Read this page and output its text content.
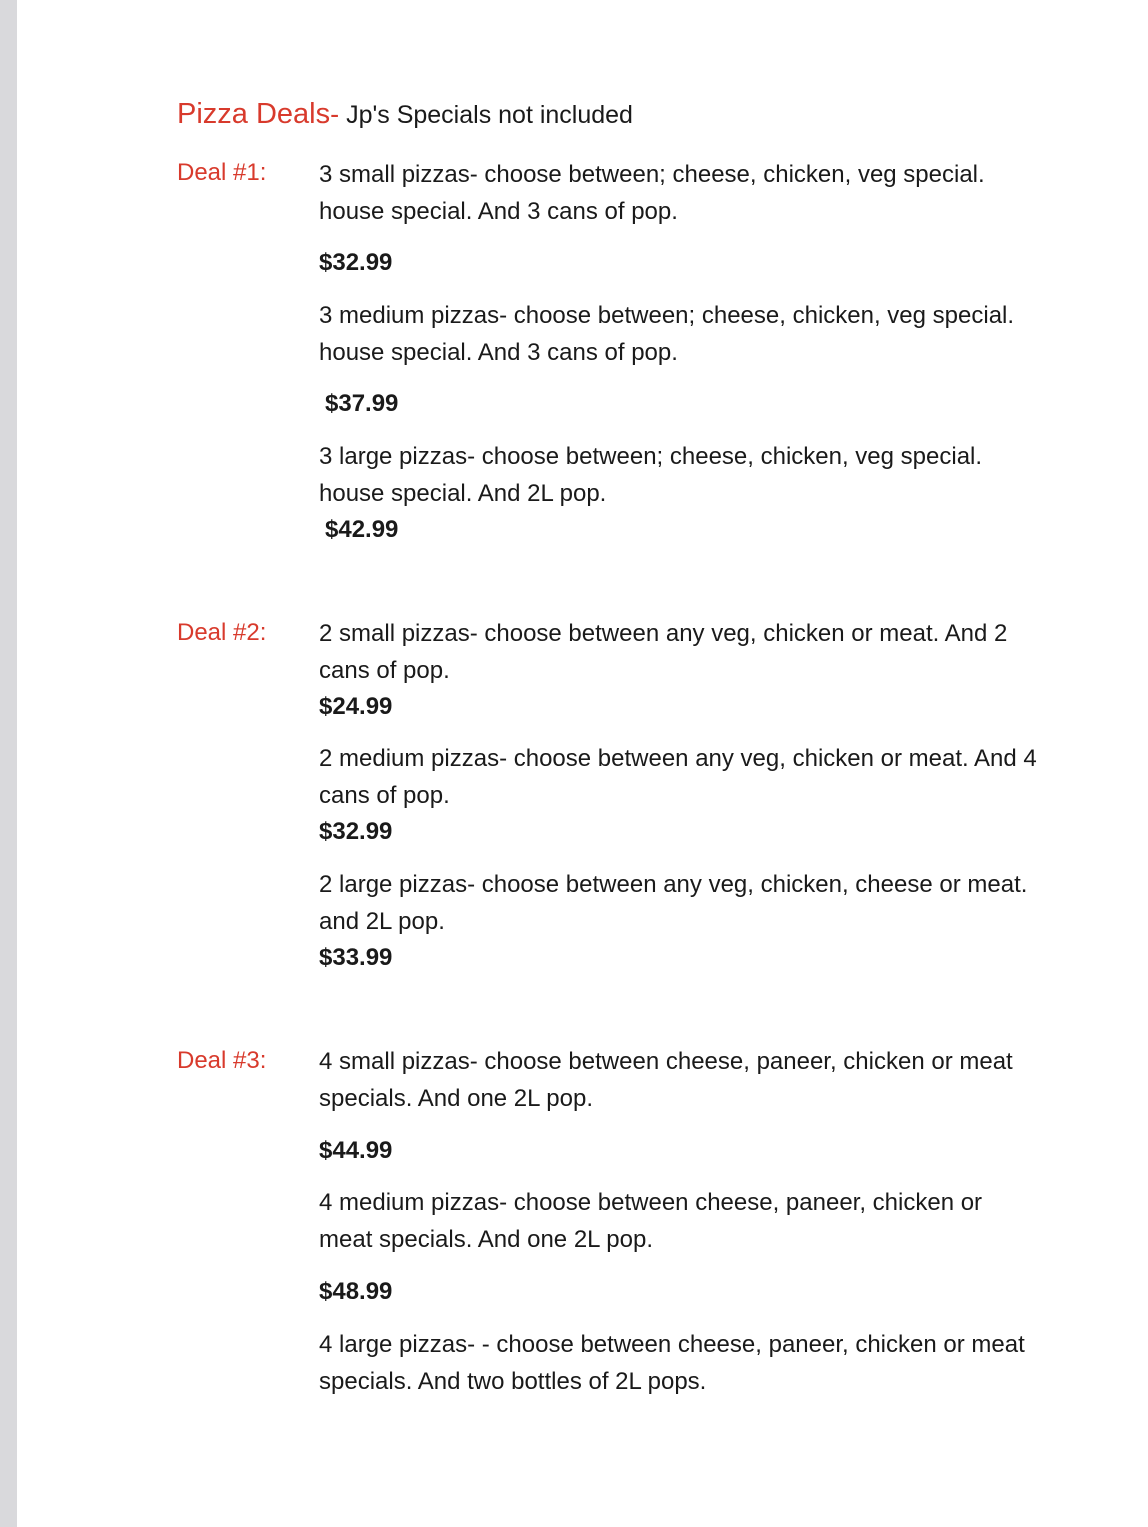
Pizza Deals- Jp's Specials not included
Deal #1: 3 small pizzas- choose between; cheese, chicken, veg special. house special. And 3 cans of pop.
$32.99
3 medium pizzas- choose between; cheese, chicken, veg special. house special. And 3 cans of pop.
$37.99
3 large pizzas- choose between; cheese, chicken, veg special. house special. And 2L pop.
$42.99
Deal #2: 2 small pizzas- choose between any veg, chicken or meat. And 2 cans of pop.
$24.99
2 medium pizzas- choose between any veg, chicken or meat. And 4 cans of pop.
$32.99
2 large pizzas- choose between any veg, chicken, cheese or meat. and 2L pop.
$33.99
Deal #3: 4 small pizzas- choose between cheese, paneer, chicken or meat specials. And one 2L pop.
$44.99
4 medium pizzas- choose between cheese, paneer, chicken or meat specials. And one 2L pop.
$48.99
4 large pizzas- - choose between cheese, paneer, chicken or meat specials. And two bottles of 2L pops.
